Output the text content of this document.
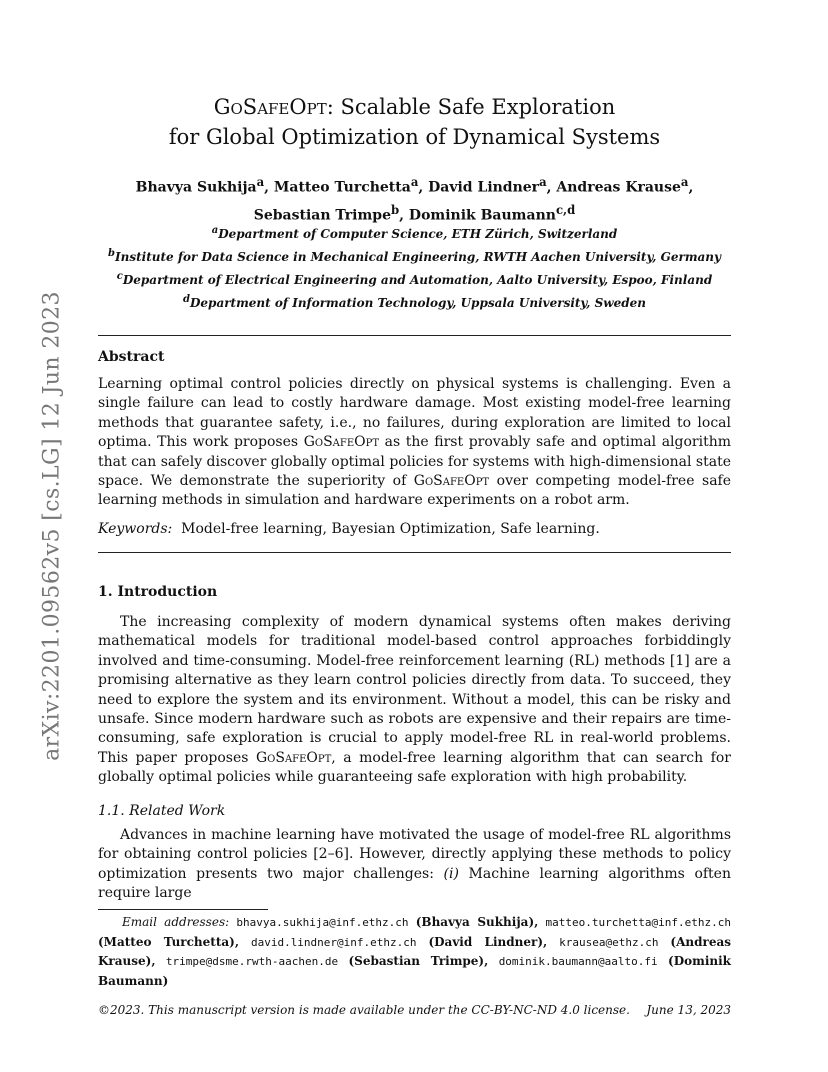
arXiv:2201.09562v5 [cs.LG] 12 Jun 2023
GoSafeOpt: Scalable Safe Exploration
for Global Optimization of Dynamical Systems
Bhavya Sukhija$^a$, Matteo Turchetta$^a$, David Lindner$^a$, Andreas Krause$^a$,
Sebastian Trimpe$^b$, Dominik Baumann$^{c,d}$
$^a$Department of Computer Science, ETH Zürich, Switzerland
$^b$Institute for Data Science in Mechanical Engineering, RWTH Aachen University, Germany
$^c$Department of Electrical Engineering and Automation, Aalto University, Espoo, Finland
$^d$Department of Information Technology, Uppsala University, Sweden
Abstract

Learning optimal control policies directly on physical systems is challenging. Even a single failure can lead to costly hardware damage. Most existing model-free learning methods that guarantee safety, i.e., no failures, during exploration are limited to local optima. This work proposes GoSafeOpt as the first provably safe and optimal algorithm that can safely discover globally optimal policies for systems with high-dimensional state space. We demonstrate the superiority of GoSafeOpt over competing model-free safe learning methods in simulation and hardware experiments on a robot arm.

Keywords: Model-free learning, Bayesian Optimization, Safe learning.

1. Introduction

The increasing complexity of modern dynamical systems often makes deriving mathematical models for traditional model-based control approaches forbiddingly involved and time-consuming. Model-free reinforcement learning (RL) methods [1] are a promising alternative as they learn control policies directly from data. To succeed, they need to explore the system and its environment. Without a model, this can be risky and unsafe. Since modern hardware such as robots are expensive and their repairs are time-consuming, safe exploration is crucial to apply model-free RL in real-world problems. This paper proposes GoSafeOpt, a model-free learning algorithm that can search for globally optimal policies while guaranteeing safe exploration with high probability.

1.1. Related Work

Advances in machine learning have motivated the usage of model-free RL algorithms for obtaining control policies [2–6]. However, directly applying these methods to policy optimization presents two major challenges: (i) Machine learning algorithms often require large

Email addresses: bhavya.sukhija@inf.ethz.ch (Bhavya Sukhija), matteo.turchetta@inf.ethz.ch (Matteo Turchetta), david.lindner@inf.ethz.ch (David Lindner), krausea@ethz.ch (Andreas Krause), trimpe@dsme.rwth-aachen.de (Sebastian Trimpe), dominik.baumann@aalto.fi (Dominik Baumann)
©2023. This manuscript version is made available under the CC-BY-NC-ND 4.0 license. June 13, 2023
